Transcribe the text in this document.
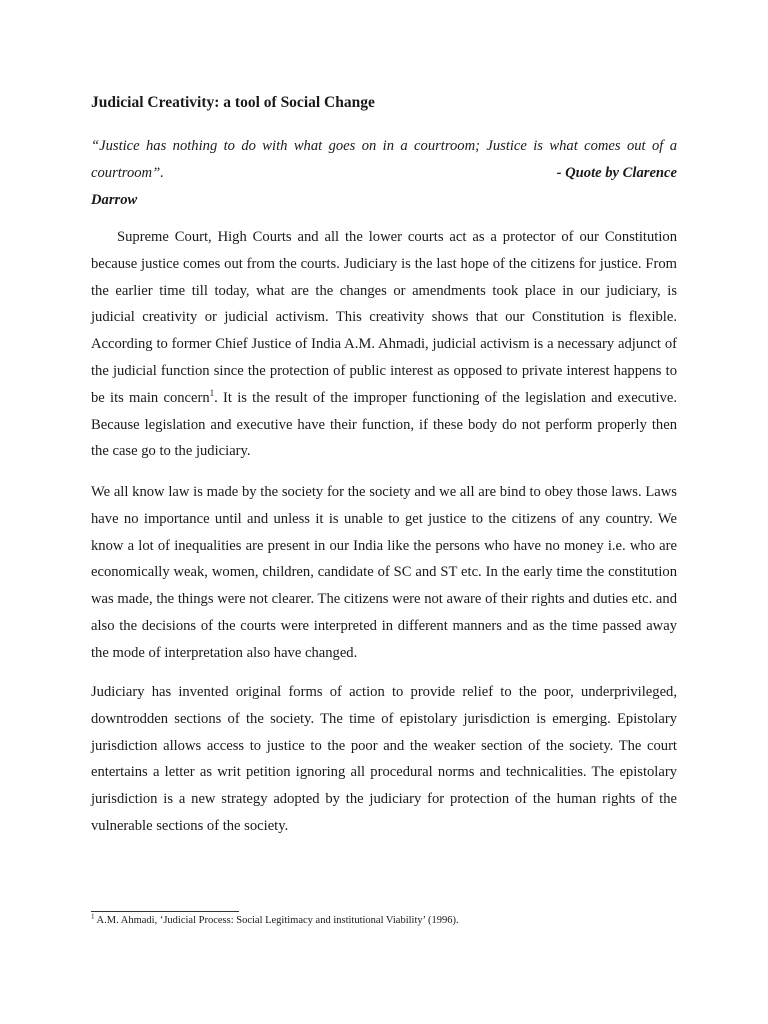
Judicial Creativity: a tool of Social Change
“Justice has nothing to do with what goes on in a courtroom; Justice is what comes out of a courtroom”.	- Quote by Clarence
Darrow

Supreme Court, High Courts and all the lower courts act as a protector of our Constitution because justice comes out from the courts. Judiciary is the last hope of the citizens for justice. From the earlier time till today, what are the changes or amendments took place in our judiciary, is judicial creativity or judicial activism. This creativity shows that our Constitution is flexible. According to former Chief Justice of India A.M. Ahmadi, judicial activism is a necessary adjunct of the judicial function since the protection of public interest as opposed to private interest happens to be its main concern$^1$. It is the result of the improper functioning of the legislation and executive. Because legislation and executive have their function, if these body do not perform properly then the case go to the judiciary.

We all know law is made by the society for the society and we all are bind to obey those laws. Laws have no importance until and unless it is unable to get justice to the citizens of any country. We know a lot of inequalities are present in our India like the persons who have no money i.e. who are economically weak, women, children, candidate of SC and ST etc. In the early time the constitution was made, the things were not clearer. The citizens were not aware of their rights and duties etc. and also the decisions of the courts were interpreted in different manners and as the time passed away the mode of interpretation also have changed.

Judiciary has invented original forms of action to provide relief to the poor, underprivileged, downtrodden sections of the society. The time of epistolary jurisdiction is emerging. Epistolary jurisdiction allows access to justice to the poor and the weaker section of the society. The court entertains a letter as writ petition ignoring all procedural norms and technicalities. The epistolary jurisdiction is a new strategy adopted by the judiciary for protection of the human rights of the vulnerable sections of the society.

$^1$ A.M. Ahmadi, ‘Judicial Process: Social Legitimacy and institutional Viability’ (1996).
